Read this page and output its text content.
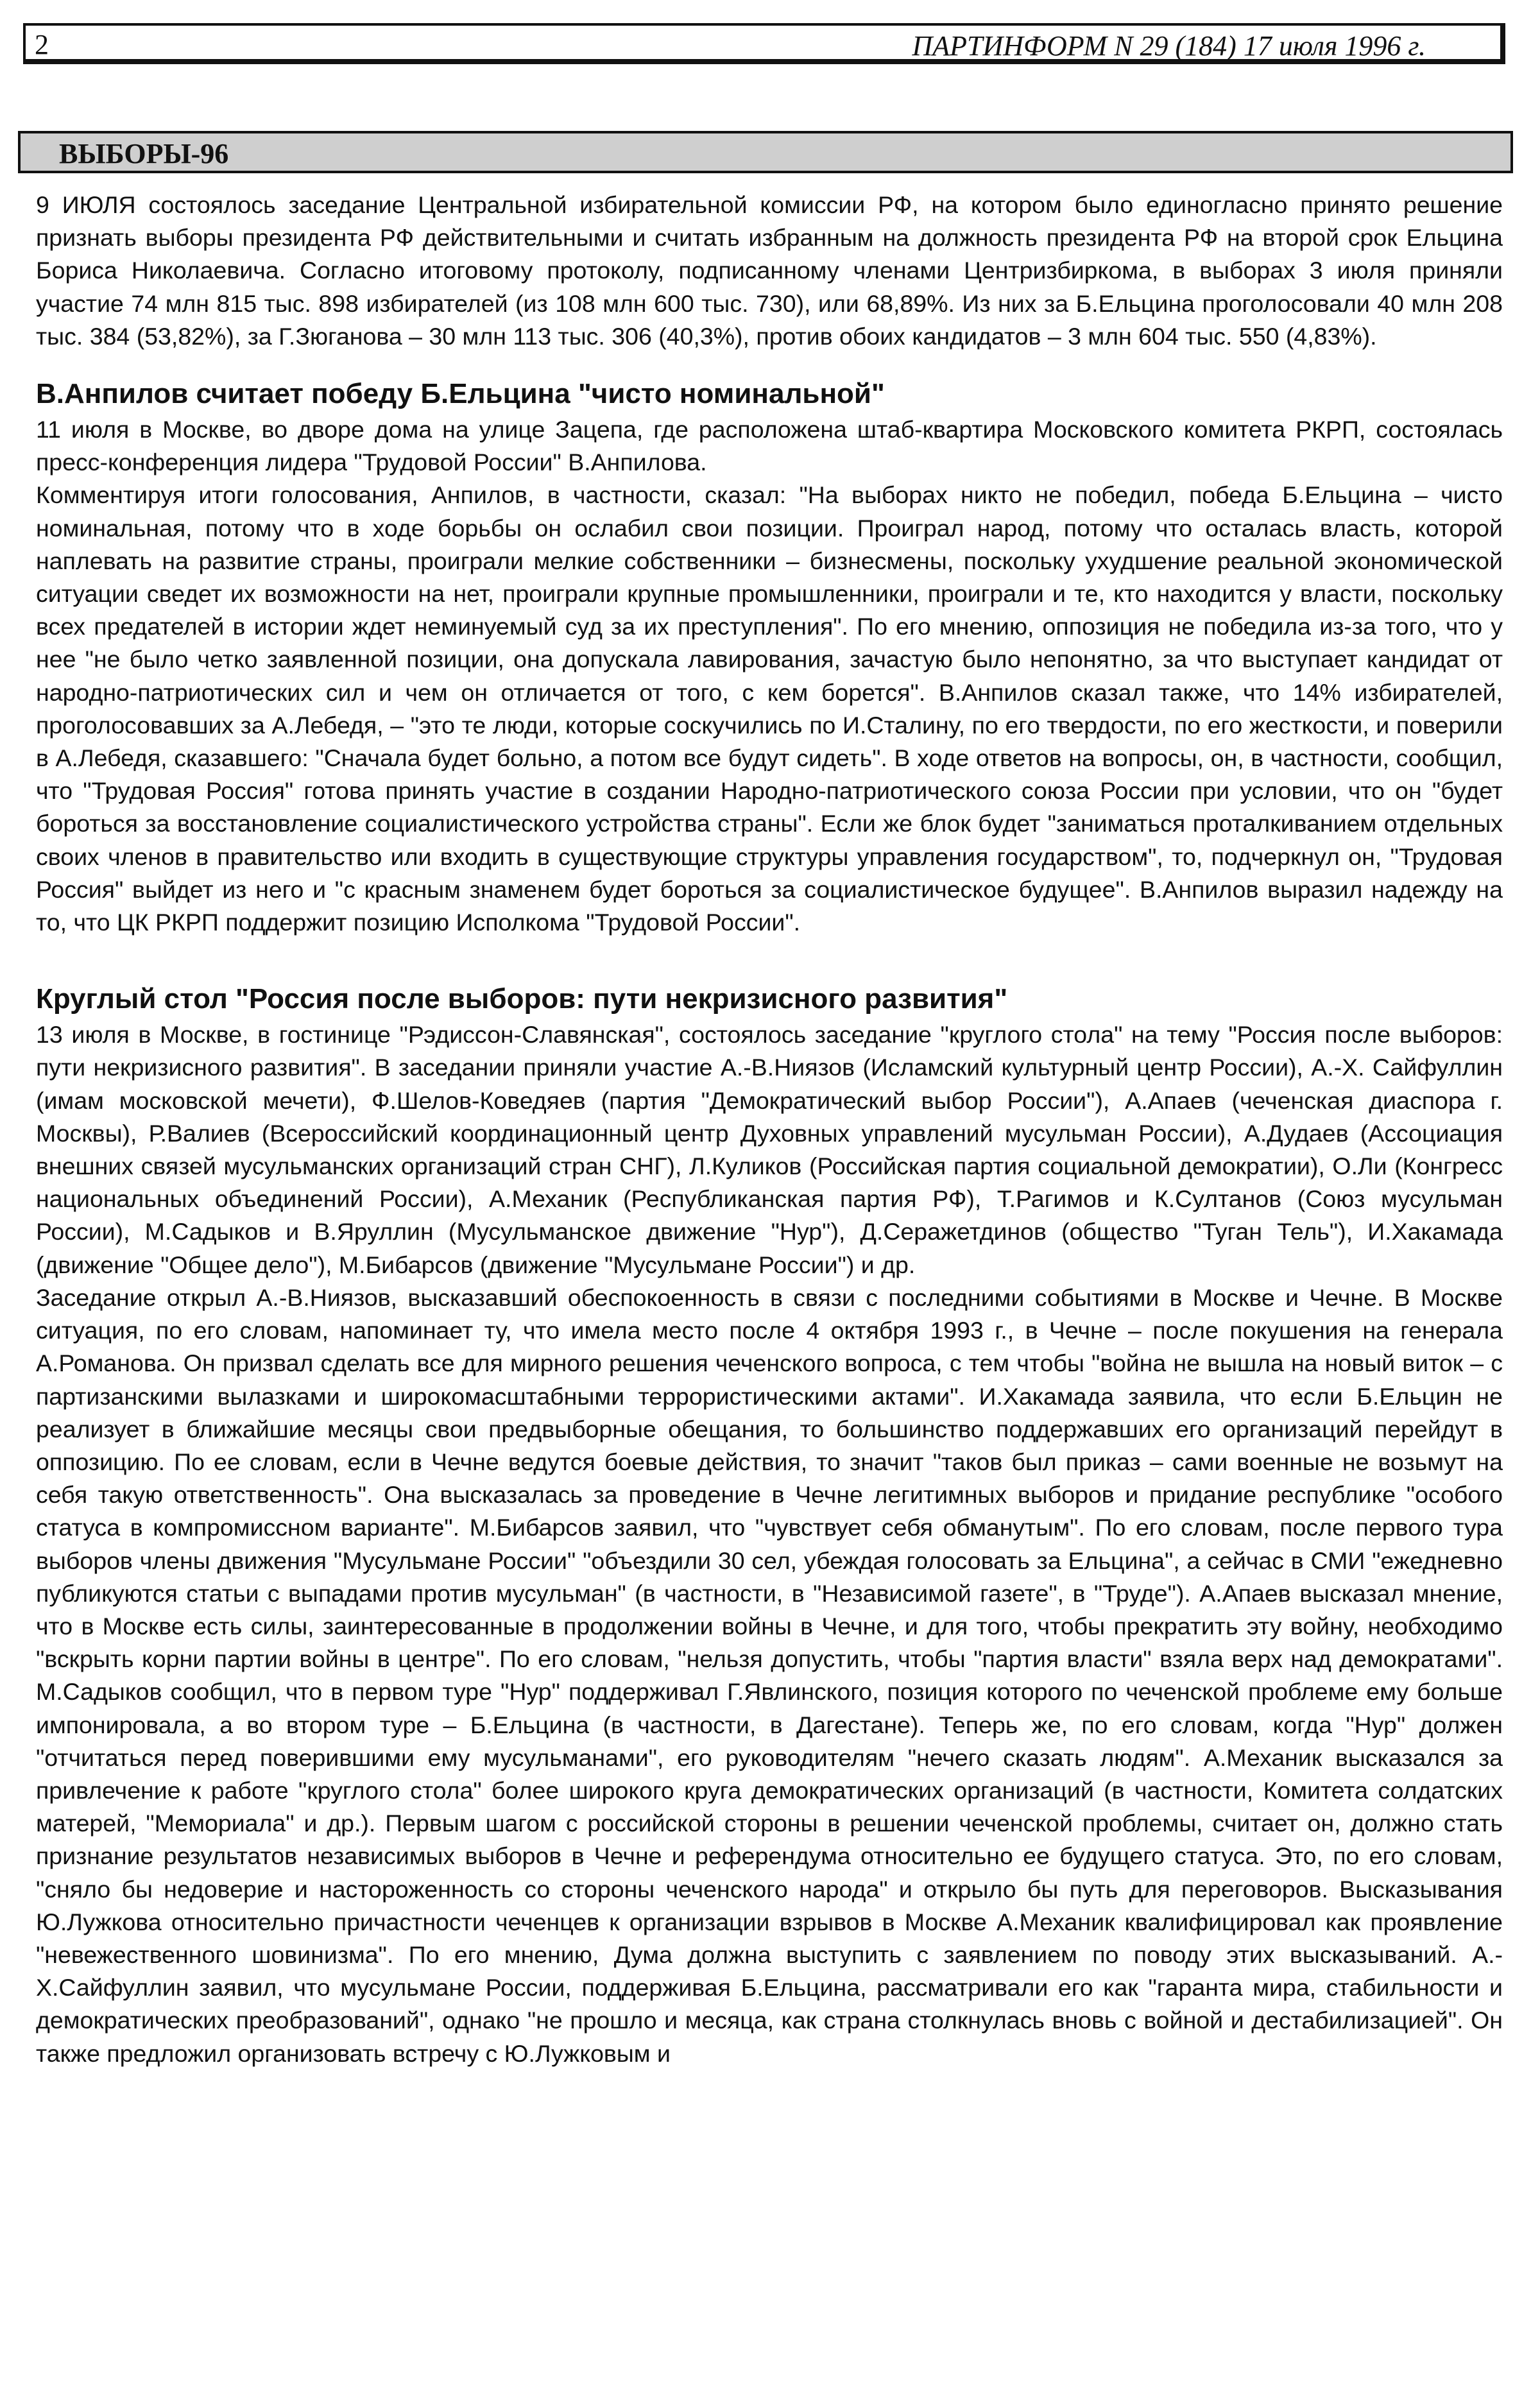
2	ПАРТИНФОРМ N 29 (184) 17 июля 1996 г.
ВЫБОРЫ-96

9 ИЮЛЯ состоялось заседание Центральной избирательной комиссии РФ, на котором было единогласно принято решение признать выборы президента РФ действительными и считать избранным на должность президента РФ на второй срок Ельцина Бориса Николаевича. Согласно итоговому протоколу, подписанному членами Центризбиркома, в выборах 3 июля приняли участие 74 млн 815 тыс. 898 избирателей (из 108 млн 600 тыс. 730), или 68,89%. Из них за Б.Ельцина проголосовали 40 млн 208 тыс. 384 (53,82%), за Г.Зюганова – 30 млн 113 тыс. 306 (40,3%), против обоих кандидатов – 3 млн 604 тыс. 550 (4,83%).

В.Анпилов считает победу Б.Ельцина "чисто номинальной"

11 июля в Москве, во дворе дома на улице Зацепа, где расположена штаб-квартира Московского комитета РКРП, состоялась пресс-конференция лидера "Трудовой России" В.Анпилова.

Комментируя итоги голосования, Анпилов, в частности, сказал: "На выборах никто не победил, победа Б.Ельцина – чисто номинальная, потому что в ходе борьбы он ослабил свои позиции. Проиграл народ, потому что осталась власть, которой наплевать на развитие страны, проиграли мелкие собственники – бизнесмены, поскольку ухудшение реальной экономической ситуации сведет их возможности на нет, проиграли крупные промышленники, проиграли и те, кто находится у власти, поскольку всех предателей в истории ждет неминуемый суд за их преступления". По его мнению, оппозиция не победила из-за того, что у нее "не было четко заявленной позиции, она допускала лавирования, зачастую было непонятно, за что выступает кандидат от народно-патриотических сил и чем он отличается от того, с кем борется". В.Анпилов сказал также, что 14% избирателей, проголосовавших за А.Лебедя, – "это те люди, которые соскучились по И.Сталину, по его твердости, по его жесткости, и поверили в А.Лебедя, сказавшего: "Сначала будет больно, а потом все будут сидеть". В ходе ответов на вопросы, он, в частности, сообщил, что "Трудовая Россия" готова принять участие в создании Народно-патриотического союза России при условии, что он "будет бороться за восстановление социалистического устройства страны". Если же блок будет "заниматься проталкиванием отдельных своих членов в правительство или входить в существующие структуры управления государством", то, подчеркнул он, "Трудовая Россия" выйдет из него и "с красным знаменем будет бороться за социалистическое будущее". В.Анпилов выразил надежду на то, что ЦК РКРП поддержит позицию Исполкома "Трудовой России".

Круглый стол "Россия после выборов: пути некризисного развития"

13 июля в Москве, в гостинице "Рэдиссон-Славянская", состоялось заседание "круглого стола" на тему "Россия после выборов: пути некризисного развития". В заседании приняли участие А.-В.Ниязов (Исламский культурный центр России), А.-Х. Сайфуллин (имам московской мечети), Ф.Шелов-Коведяев (партия "Демократический выбор России"), А.Апаев (чеченская диаспора г. Москвы), Р.Валиев (Всероссийский координационный центр Духовных управлений мусульман России), А.Дудаев (Ассоциация внешних связей мусульманских организаций стран СНГ), Л.Куликов (Российская партия социальной демократии), О.Ли (Конгресс национальных объединений России), А.Механик (Республиканская партия РФ), Т.Рагимов и К.Султанов (Союз мусульман России), М.Садыков и В.Яруллин (Мусульманское движение "Нур"), Д.Серажетдинов (общество "Туган Тель"), И.Хакамада (движение "Общее дело"), М.Бибарсов (движение "Мусульмане России") и др.

Заседание открыл А.-В.Ниязов, высказавший обеспокоенность в связи с последними событиями в Москве и Чечне. В Москве ситуация, по его словам, напоминает ту, что имела место после 4 октября 1993 г., в Чечне – после покушения на генерала А.Романова. Он призвал сделать все для мирного решения чеченского вопроса, с тем чтобы "война не вышла на новый виток – с партизанскими вылазками и широкомасштабными террористическими актами". И.Хакамада заявила, что если Б.Ельцин не реализует в ближайшие месяцы свои предвыборные обещания, то большинство поддержавших его организаций перейдут в оппозицию. По ее словам, если в Чечне ведутся боевые действия, то значит "таков был приказ – сами военные не возьмут на себя такую ответственность". Она высказалась за проведение в Чечне легитимных выборов и придание республике "особого статуса в компромиссном варианте". М.Бибарсов заявил, что "чувствует себя обманутым". По его словам, после первого тура выборов члены движения "Мусульмане России" "объездили 30 сел, убеждая голосовать за Ельцина", а сейчас в СМИ "ежедневно публикуются статьи с выпадами против мусульман" (в частности, в "Независимой газете", в "Труде"). А.Апаев высказал мнение, что в Москве есть силы, заинтересованные в продолжении войны в Чечне, и для того, чтобы прекратить эту войну, необходимо "вскрыть корни партии войны в центре". По его словам, "нельзя допустить, чтобы "партия власти" взяла верх над демократами". М.Садыков сообщил, что в первом туре "Нур" поддерживал Г.Явлинского, позиция которого по чеченской проблеме ему больше импонировала, а во втором туре – Б.Ельцина (в частности, в Дагестане). Теперь же, по его словам, когда "Нур" должен "отчитаться перед поверившими ему мусульманами", его руководителям "нечего сказать людям". А.Механик высказался за привлечение к работе "круглого стола" более широкого круга демократических организаций (в частности, Комитета солдатских матерей, "Мемориала" и др.). Первым шагом с российской стороны в решении чеченской проблемы, считает он, должно стать признание результатов независимых выборов в Чечне и референдума относительно ее будущего статуса. Это, по его словам, "сняло бы недоверие и настороженность со стороны чеченского народа" и открыло бы путь для переговоров. Высказывания Ю.Лужкова относительно причастности чеченцев к организации взрывов в Москве А.Механик квалифицировал как проявление "невежественного шовинизма". По его мнению, Дума должна выступить с заявлением по поводу этих высказываний. А.-Х.Сайфуллин заявил, что мусульмане России, поддерживая Б.Ельцина, рассматривали его как "гаранта мира, стабильности и демократических преобразований", однако "не прошло и месяца, как страна столкнулась вновь с войной и дестабилизацией". Он также предложил организовать встречу с Ю.Лужковым и
